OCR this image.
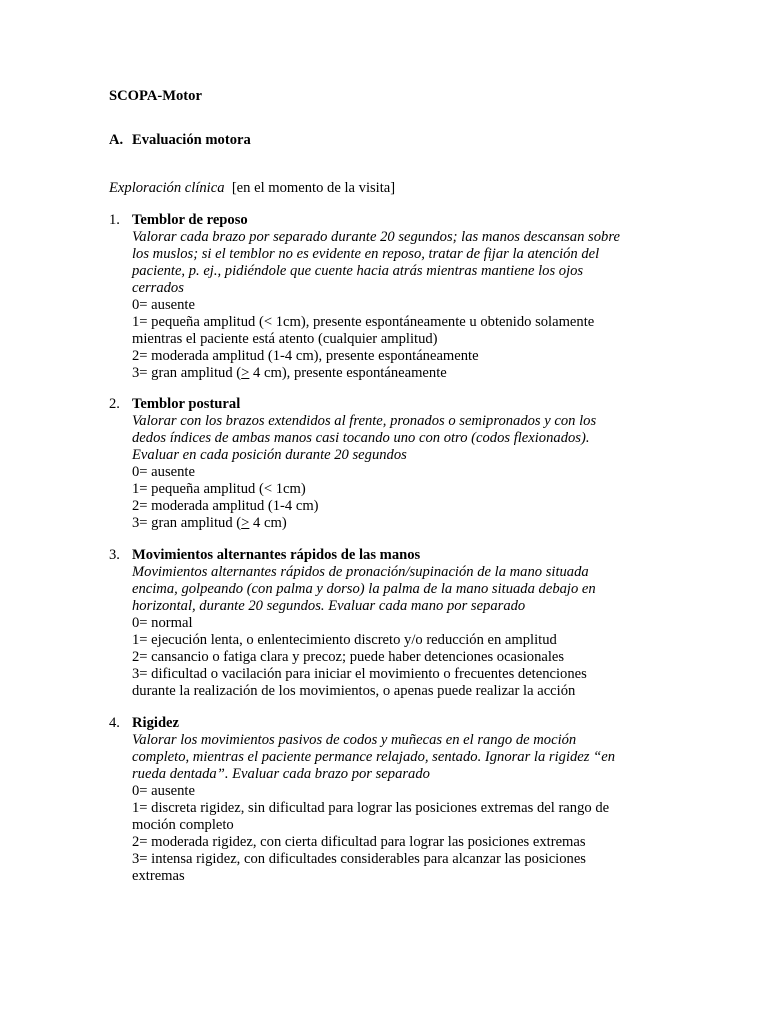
SCOPA-Motor

A. Evaluación motora

Exploración clínica [en el momento de la visita]

1. Temblor de reposo
Valorar cada brazo por separado durante 20 segundos; las manos descansan sobre
los muslos; si el temblor no es evidente en reposo, tratar de fijar la atención del
paciente, p. ej., pidiéndole que cuente hacia atrás mientras mantiene los ojos
cerrados
0= ausente
1= pequeña amplitud (< 1cm), presente espontáneamente u obtenido solamente
mientras el paciente está atento (cualquier amplitud)
2= moderada amplitud (1-4 cm), presente espontáneamente
3= gran amplitud (≥ 4 cm), presente espontáneamente
2. Temblor postural
Valorar con los brazos extendidos al frente, pronados o semipronados y con los
dedos índices de ambas manos casi tocando uno con otro (codos flexionados).
Evaluar en cada posición durante 20 segundos
0= ausente
1= pequeña amplitud (< 1cm)
2= moderada amplitud (1-4 cm)
3= gran amplitud (≥ 4 cm)
3. Movimientos alternantes rápidos de las manos
Movimientos alternantes rápidos de pronación/supinación de la mano situada
encima, golpeando (con palma y dorso) la palma de la mano situada debajo en
horizontal, durante 20 segundos. Evaluar cada mano por separado
0= normal
1= ejecución lenta, o enlentecimiento discreto y/o reducción en amplitud
2= cansancio o fatiga clara y precoz; puede haber detenciones ocasionales
3= dificultad o vacilación para iniciar el movimiento o frecuentes detenciones
durante la realización de los movimientos, o apenas puede realizar la acción
4. Rigidez
Valorar los movimientos pasivos de codos y muñecas en el rango de moción
completo, mientras el paciente permance relajado, sentado. Ignorar la rigidez “en
rueda dentada”. Evaluar cada brazo por separado
0= ausente
1= discreta rigidez, sin dificultad para lograr las posiciones extremas del rango de
moción completo
2= moderada rigidez, con cierta dificultad para lograr las posiciones extremas
3= intensa rigidez, con dificultades considerables para alcanzar las posiciones
extremas
